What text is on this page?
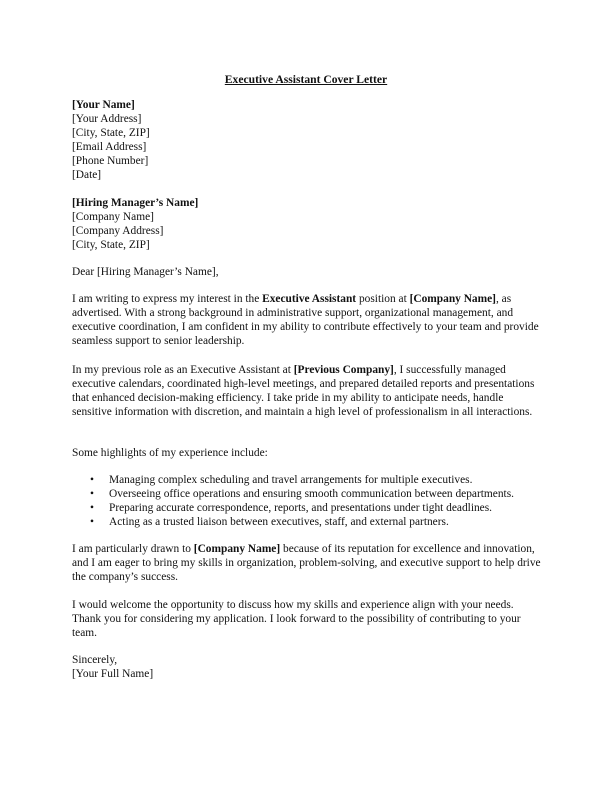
Executive Assistant Cover Letter
[Your Name]
[Your Address]
[City, State, ZIP]
[Email Address]
[Phone Number]
[Date]
[Hiring Manager’s Name]
[Company Name]
[Company Address]
[City, State, ZIP]
Dear [Hiring Manager’s Name],
I am writing to express my interest in the Executive Assistant position at [Company Name], as advertised. With a strong background in administrative support, organizational management, and executive coordination, I am confident in my ability to contribute effectively to your team and provide seamless support to senior leadership.
In my previous role as an Executive Assistant at [Previous Company], I successfully managed executive calendars, coordinated high-level meetings, and prepared detailed reports and presentations that enhanced decision-making efficiency. I take pride in my ability to anticipate needs, handle sensitive information with discretion, and maintain a high level of professionalism in all interactions.
Some highlights of my experience include:
• Managing complex scheduling and travel arrangements for multiple executives.
• Overseeing office operations and ensuring smooth communication between departments.
• Preparing accurate correspondence, reports, and presentations under tight deadlines.
• Acting as a trusted liaison between executives, staff, and external partners.
I am particularly drawn to [Company Name] because of its reputation for excellence and innovation, and I am eager to bring my skills in organization, problem-solving, and executive support to help drive the company’s success.
I would welcome the opportunity to discuss how my skills and experience align with your needs. Thank you for considering my application. I look forward to the possibility of contributing to your team.
Sincerely,
[Your Full Name]
